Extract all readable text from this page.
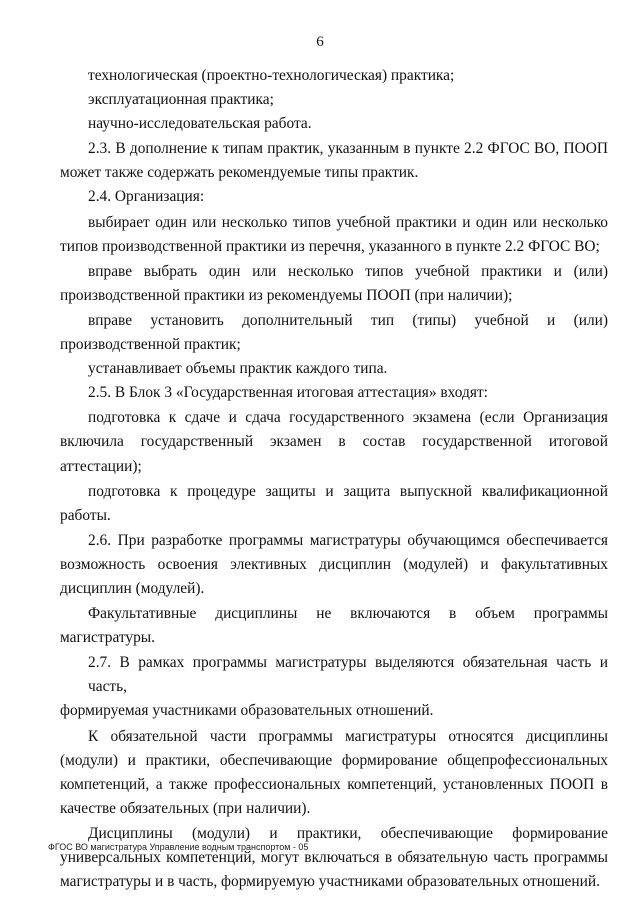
6
технологическая (проектно-технологическая) практика;
эксплуатационная практика;
научно-исследовательская работа.
2.3. В дополнение к типам практик, указанным в пункте 2.2 ФГОС ВО, ПООП
может также содержать рекомендуемые типы практик.
2.4. Организация:
выбирает один или несколько типов учебной практики и один или несколько
типов производственной практики из перечня, указанного в пункте 2.2 ФГОС ВО;
вправе выбрать один или несколько типов учебной практики и (или)
производственной практики из рекомендуемы ПООП (при наличии);
вправе установить дополнительный тип (типы) учебной и (или)
производственной практик;
устанавливает объемы практик каждого типа.
2.5. В Блок 3 «Государственная итоговая аттестация» входят:
подготовка к сдаче и сдача государственного экзамена (если Организация
включила государственный экзамен в состав государственной итоговой аттестации);
подготовка к процедуре защиты и защита выпускной квалификационной
работы.
2.6. При разработке программы магистратуры обучающимся обеспечивается
возможность освоения элективных дисциплин (модулей) и факультативных
дисциплин (модулей).
Факультативные дисциплины не включаются в объем программы
магистратуры.
2.7. В рамках программы магистратуры выделяются обязательная часть и часть,
формируемая участниками образовательных отношений.
К обязательной части программы магистратуры относятся дисциплины
(модули) и практики, обеспечивающие формирование общепрофессиональных
компетенций, а также профессиональных компетенций, установленных ПООП в
качестве обязательных (при наличии).
Дисциплины (модули) и практики, обеспечивающие формирование
универсальных компетенций, могут включаться в обязательную часть программы
магистратуры и в часть, формируемую участниками образовательных отношений.
ФГОС ВО магистратура Управление водным транспортом - 05
